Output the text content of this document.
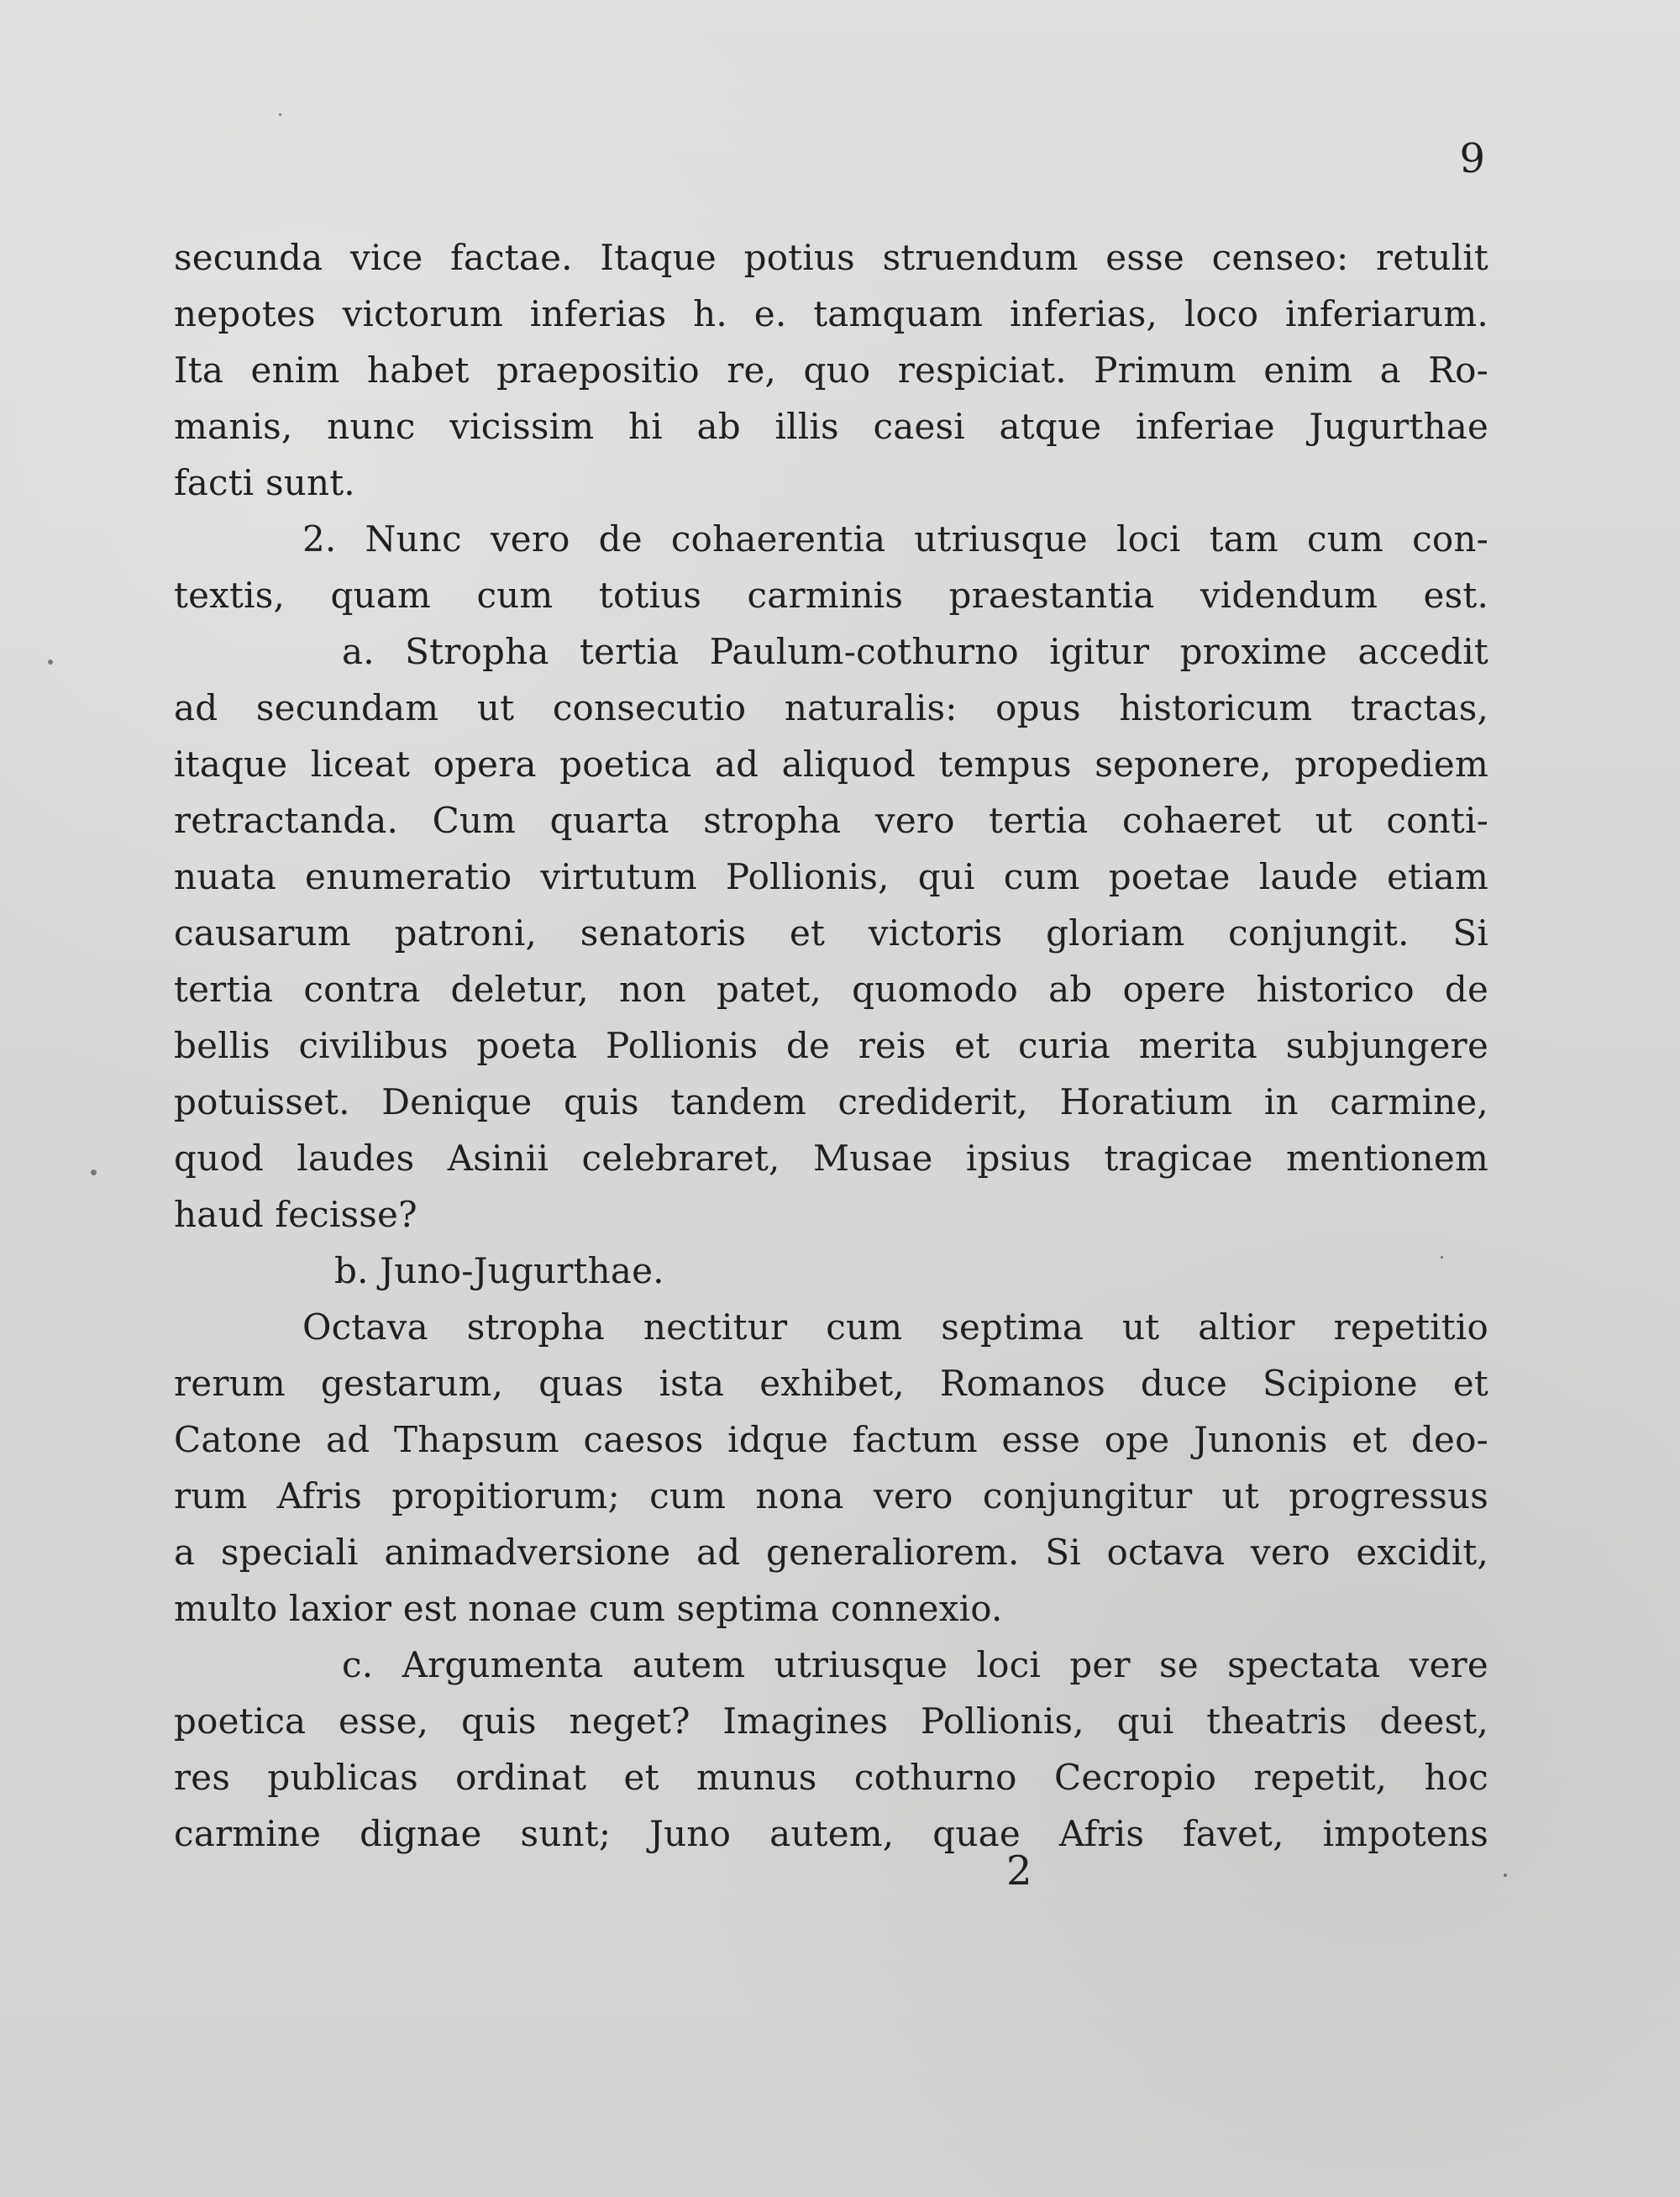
9
secunda vice factae. Itaque potius struendum esse censeo: retulit
nepotes victorum inferias h. e. tamquam inferias, loco inferiarum.
Ita enim habet praepositio re, quo respiciat. Primum enim a Ro-
manis, nunc vicissim hi ab illis caesi atque inferiae Jugurthae
facti sunt.
2. Nunc vero de cohaerentia utriusque loci tam cum con-
textis, quam cum totius carminis praestantia videndum est.
a. Stropha tertia Paulum-cothurno igitur proxime accedit
ad secundam ut consecutio naturalis: opus historicum tractas,
itaque liceat opera poetica ad aliquod tempus seponere, propediem
retractanda. Cum quarta stropha vero tertia cohaeret ut conti-
nuata enumeratio virtutum Pollionis, qui cum poetae laude etiam
causarum patroni, senatoris et victoris gloriam conjungit. Si
tertia contra deletur, non patet, quomodo ab opere historico de
bellis civilibus poeta Pollionis de reis et curia merita subjungere
potuisset. Denique quis tandem crediderit, Horatium in carmine,
quod laudes Asinii celebraret, Musae ipsius tragicae mentionem
haud fecisse?
b. Juno-Jugurthae.
Octava stropha nectitur cum septima ut altior repetitio
rerum gestarum, quas ista exhibet, Romanos duce Scipione et
Catone ad Thapsum caesos idque factum esse ope Junonis et deo-
rum Afris propitiorum; cum nona vero conjungitur ut progressus
a speciali animadversione ad generaliorem. Si octava vero excidit,
multo laxior est nonae cum septima connexio.
c. Argumenta autem utriusque loci per se spectata vere
poetica esse, quis neget? Imagines Pollionis, qui theatris deest,
res publicas ordinat et munus cothurno Cecropio repetit, hoc
carmine dignae sunt; Juno autem, quae Afris favet, impotens
2
